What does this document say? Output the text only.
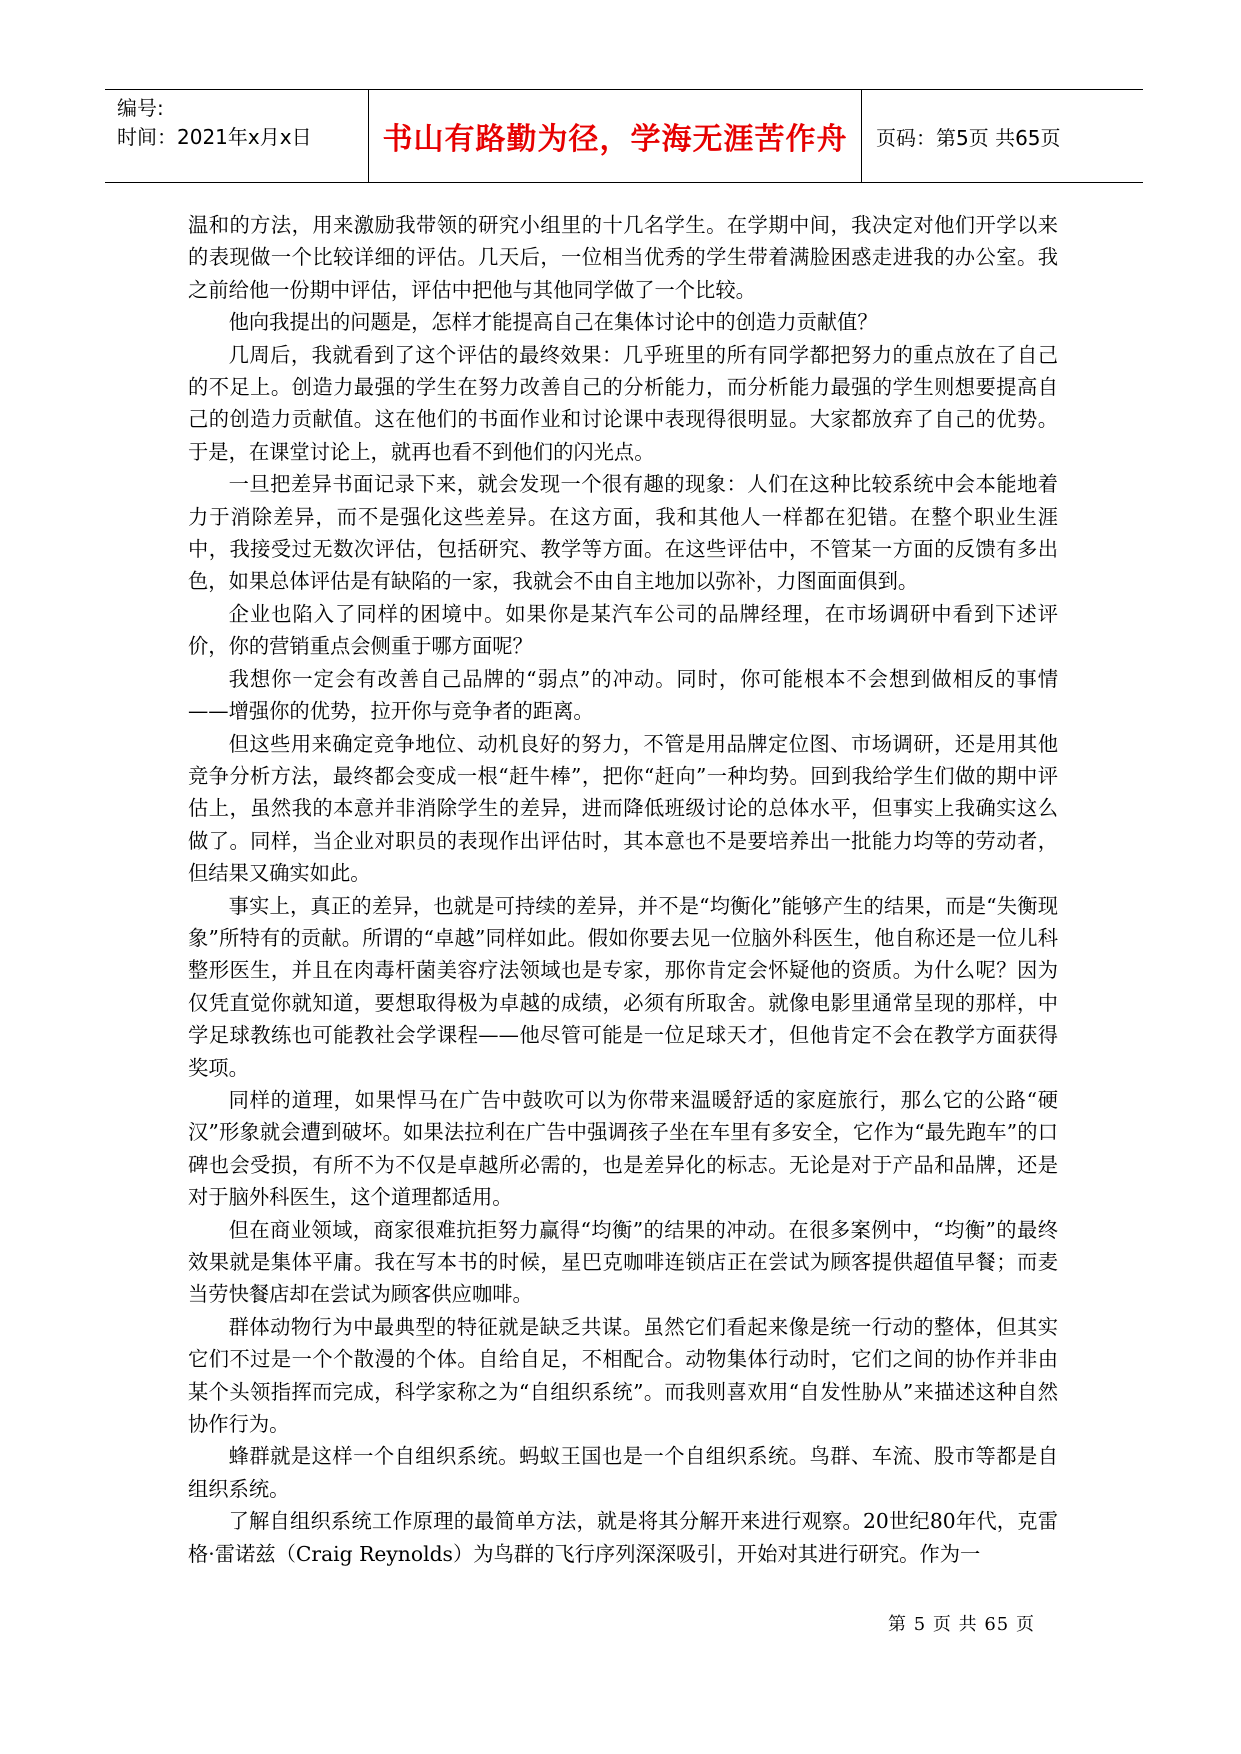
编号:
时间：2021年x月x日	书山有路勤为径，学海无涯苦作舟	页码：第5页 共65页

温和的方法，用来激励我带领的研究小组里的十几名学生。在学期中间，我决定对他们开学以来的表现做一个比较详细的评估。几天后，一位相当优秀的学生带着满脸困惑走进我的办公室。我之前给他一份期中评估，评估中把他与其他同学做了一个比较。

他向我提出的问题是，怎样才能提高自己在集体讨论中的创造力贡献值？

几周后，我就看到了这个评估的最终效果：几乎班里的所有同学都把努力的重点放在了自己的不足上。创造力最强的学生在努力改善自己的分析能力，而分析能力最强的学生则想要提高自己的创造力贡献值。这在他们的书面作业和讨论课中表现得很明显。大家都放弃了自己的优势。于是，在课堂讨论上，就再也看不到他们的闪光点。

一旦把差异书面记录下来，就会发现一个很有趣的现象：人们在这种比较系统中会本能地着力于消除差异，而不是强化这些差异。在这方面，我和其他人一样都在犯错。在整个职业生涯中，我接受过无数次评估，包括研究、教学等方面。在这些评估中，不管某一方面的反馈有多出色，如果总体评估是有缺陷的一家，我就会不由自主地加以弥补，力图面面俱到。

企业也陷入了同样的困境中。如果你是某汽车公司的品牌经理，在市场调研中看到下述评价，你的营销重点会侧重于哪方面呢？

我想你一定会有改善自己品牌的“弱点”的冲动。同时，你可能根本不会想到做相反的事情——增强你的优势，拉开你与竞争者的距离。

但这些用来确定竞争地位、动机良好的努力，不管是用品牌定位图、市场调研，还是用其他竞争分析方法，最终都会变成一根“赶牛棒”，把你“赶向”一种均势。回到我给学生们做的期中评估上，虽然我的本意并非消除学生的差异，进而降低班级讨论的总体水平，但事实上我确实这么做了。同样，当企业对职员的表现作出评估时，其本意也不是要培养出一批能力均等的劳动者，但结果又确实如此。

事实上，真正的差异，也就是可持续的差异，并不是“均衡化”能够产生的结果，而是“失衡现象”所特有的贡献。所谓的“卓越”同样如此。假如你要去见一位脑外科医生，他自称还是一位儿科整形医生，并且在肉毒杆菌美容疗法领域也是专家，那你肯定会怀疑他的资质。为什么呢？因为仅凭直觉你就知道，要想取得极为卓越的成绩，必须有所取舍。就像电影里通常呈现的那样，中学足球教练也可能教社会学课程——他尽管可能是一位足球天才，但他肯定不会在教学方面获得奖项。

同样的道理，如果悍马在广告中鼓吹可以为你带来温暖舒适的家庭旅行，那么它的公路“硬汉”形象就会遭到破坏。如果法拉利在广告中强调孩子坐在车里有多安全，它作为“最先跑车”的口碑也会受损，有所不为不仅是卓越所必需的，也是差异化的标志。无论是对于产品和品牌，还是对于脑外科医生，这个道理都适用。

但在商业领域，商家很难抗拒努力赢得“均衡”的结果的冲动。在很多案例中，“均衡”的最终效果就是集体平庸。我在写本书的时候，星巴克咖啡连锁店正在尝试为顾客提供超值早餐；而麦当劳快餐店却在尝试为顾客供应咖啡。

群体动物行为中最典型的特征就是缺乏共谋。虽然它们看起来像是统一行动的整体，但其实它们不过是一个个散漫的个体。自给自足，不相配合。动物集体行动时，它们之间的协作并非由某个头领指挥而完成，科学家称之为“自组织系统”。而我则喜欢用“自发性胁从”来描述这种自然协作行为。

蜂群就是这样一个自组织系统。蚂蚁王国也是一个自组织系统。鸟群、车流、股市等都是自组织系统。

了解自组织系统工作原理的最简单方法，就是将其分解开来进行观察。20世纪80年代，克雷格·雷诺兹（Craig Reynolds）为鸟群的飞行序列深深吸引，开始对其进行研究。作为一

第 5 页 共 65 页
